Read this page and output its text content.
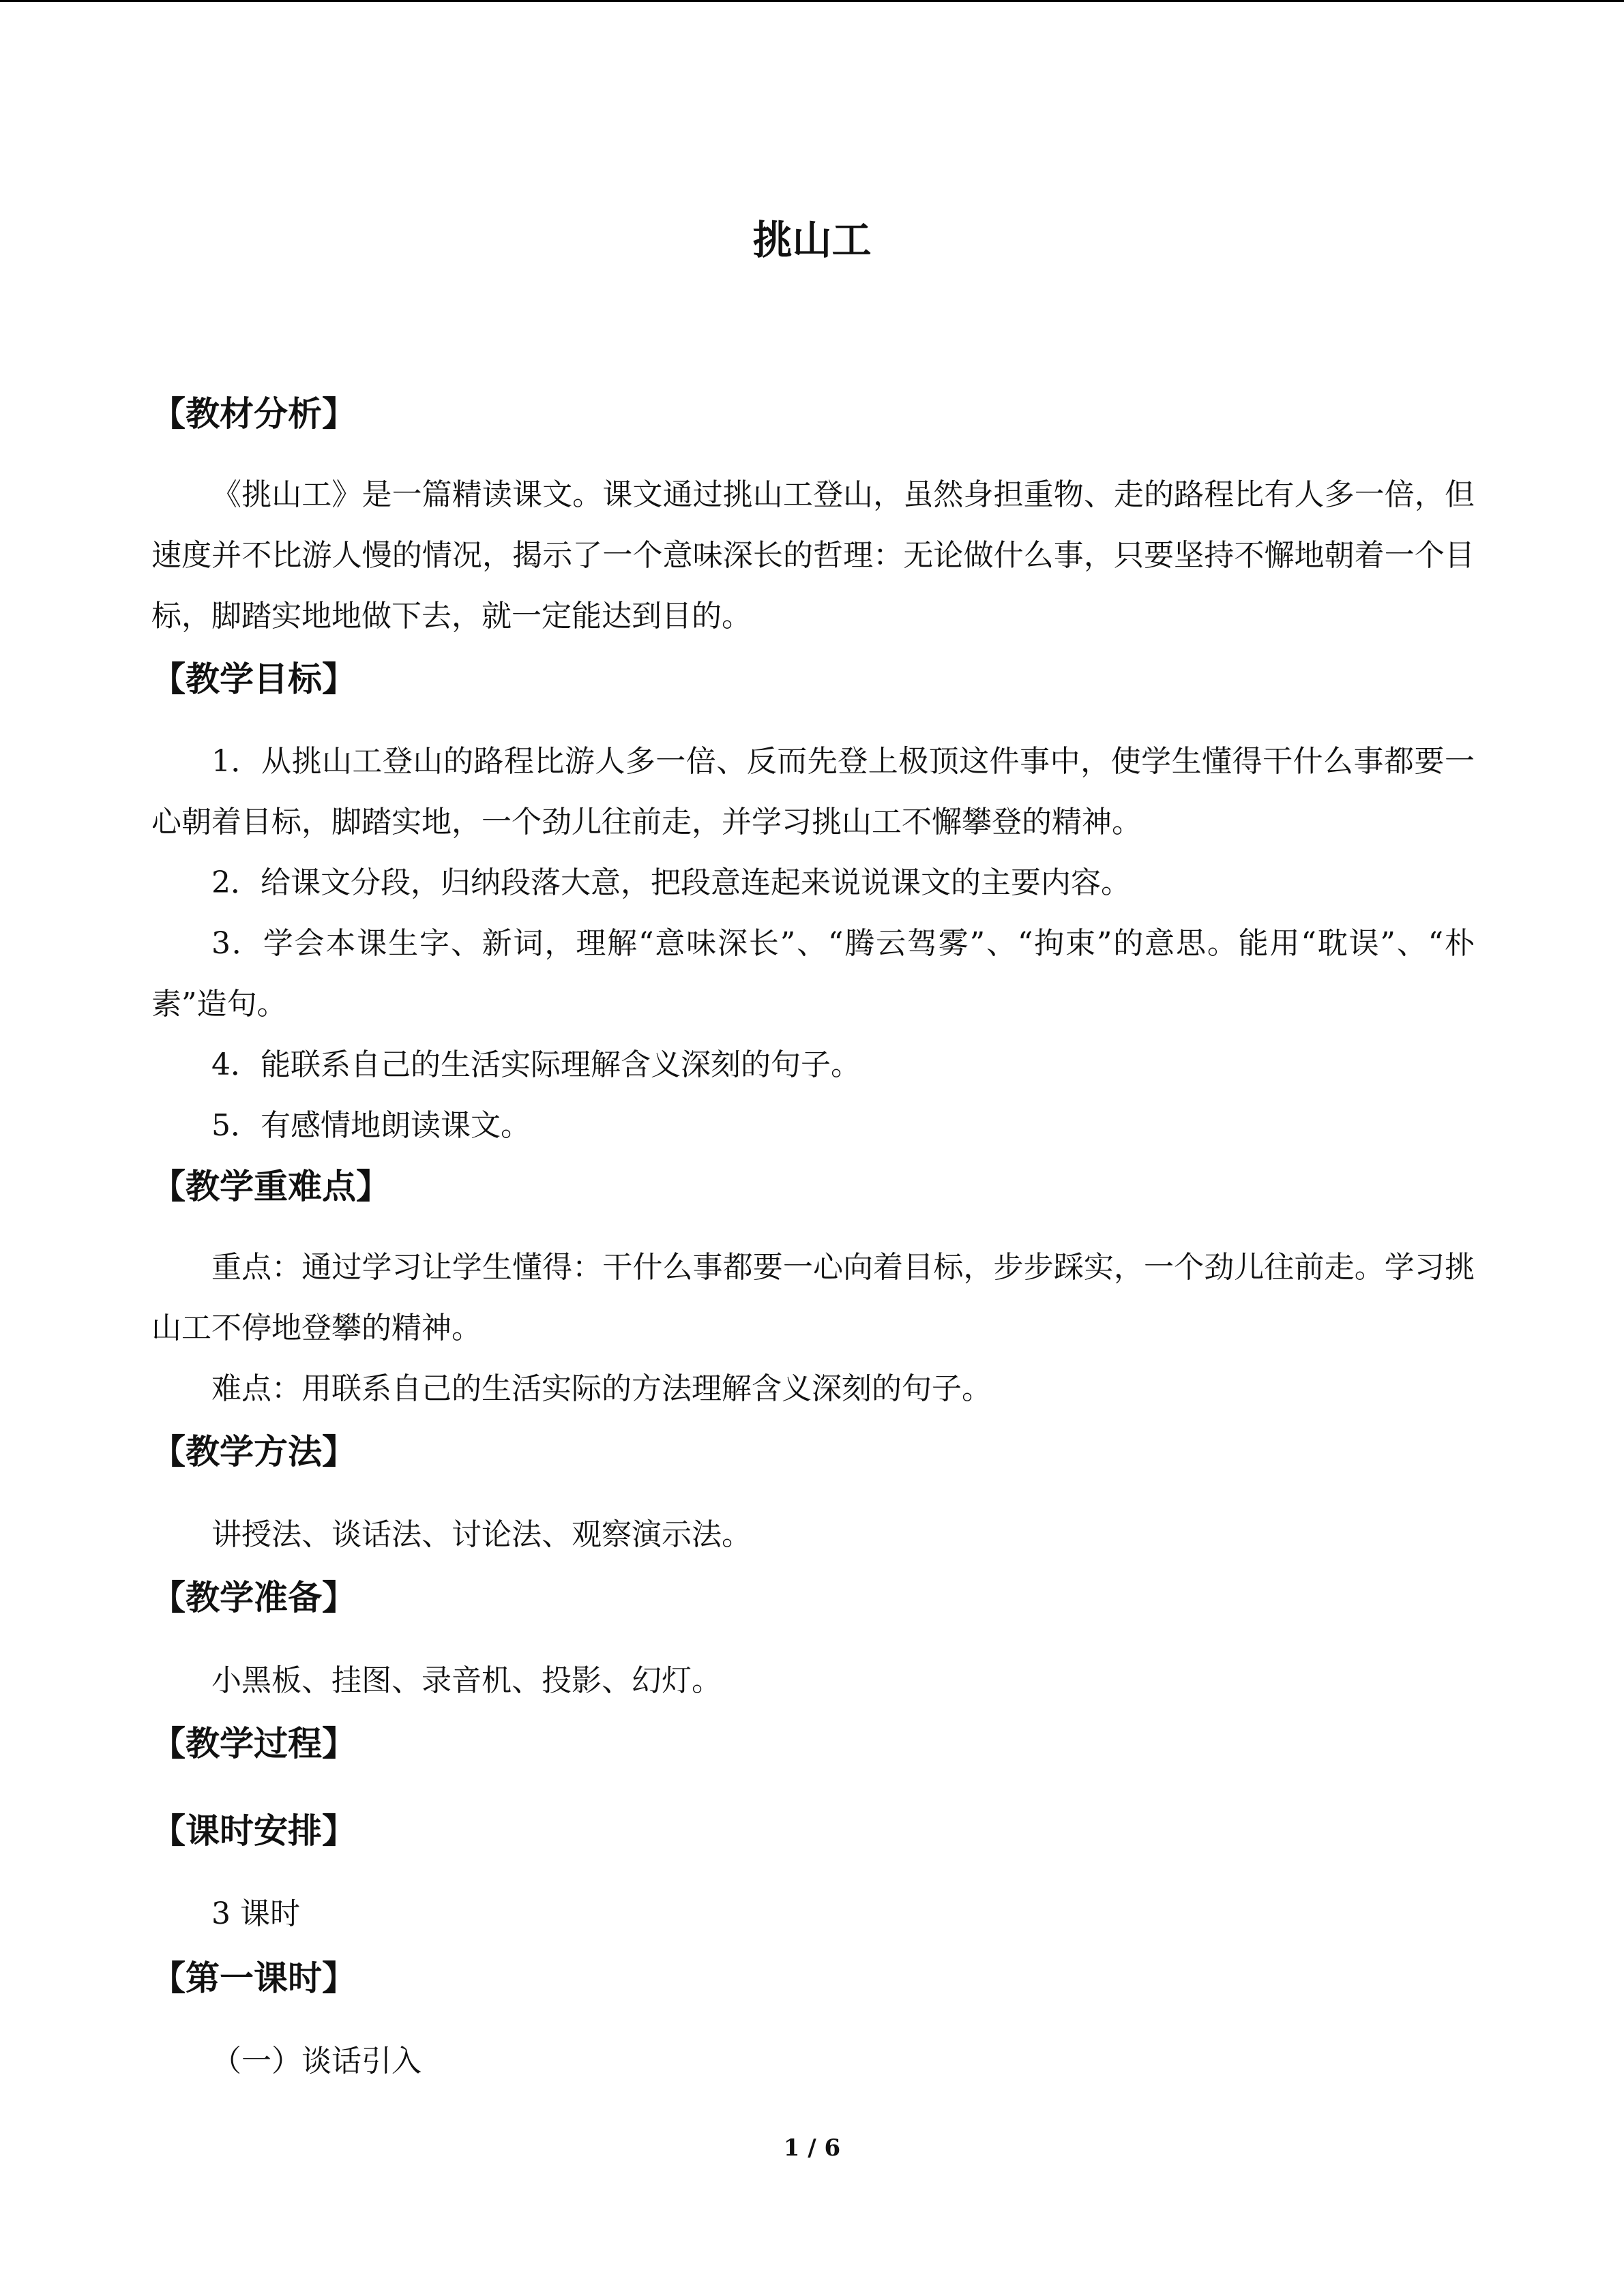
挑山工
【教材分析】

《挑山工》是一篇精读课文。课文通过挑山工登山，虽然身担重物、走的路程比有人多一倍，但速度并不比游人慢的情况，揭示了一个意味深长的哲理：无论做什么事，只要坚持不懈地朝着一个目标，脚踏实地地做下去，就一定能达到目的。

【教学目标】

1．从挑山工登山的路程比游人多一倍、反而先登上极顶这件事中，使学生懂得干什么事都要一心朝着目标，脚踏实地，一个劲儿往前走，并学习挑山工不懈攀登的精神。

2．给课文分段，归纳段落大意，把段意连起来说说课文的主要内容。

3．学会本课生字、新词，理解“意味深长”、“腾云驾雾”、“拘束”的意思。能用“耽误”、“朴素”造句。

4．能联系自己的生活实际理解含义深刻的句子。

5．有感情地朗读课文。

【教学重难点】

重点：通过学习让学生懂得：干什么事都要一心向着目标，步步踩实，一个劲儿往前走。学习挑山工不停地登攀的精神。

难点：用联系自己的生活实际的方法理解含义深刻的句子。

【教学方法】

讲授法、谈话法、讨论法、观察演示法。

【教学准备】

小黑板、挂图、录音机、投影、幻灯。

【教学过程】
【课时安排】

3 课时

【第一课时】

（一）谈话引入

1 / 6
